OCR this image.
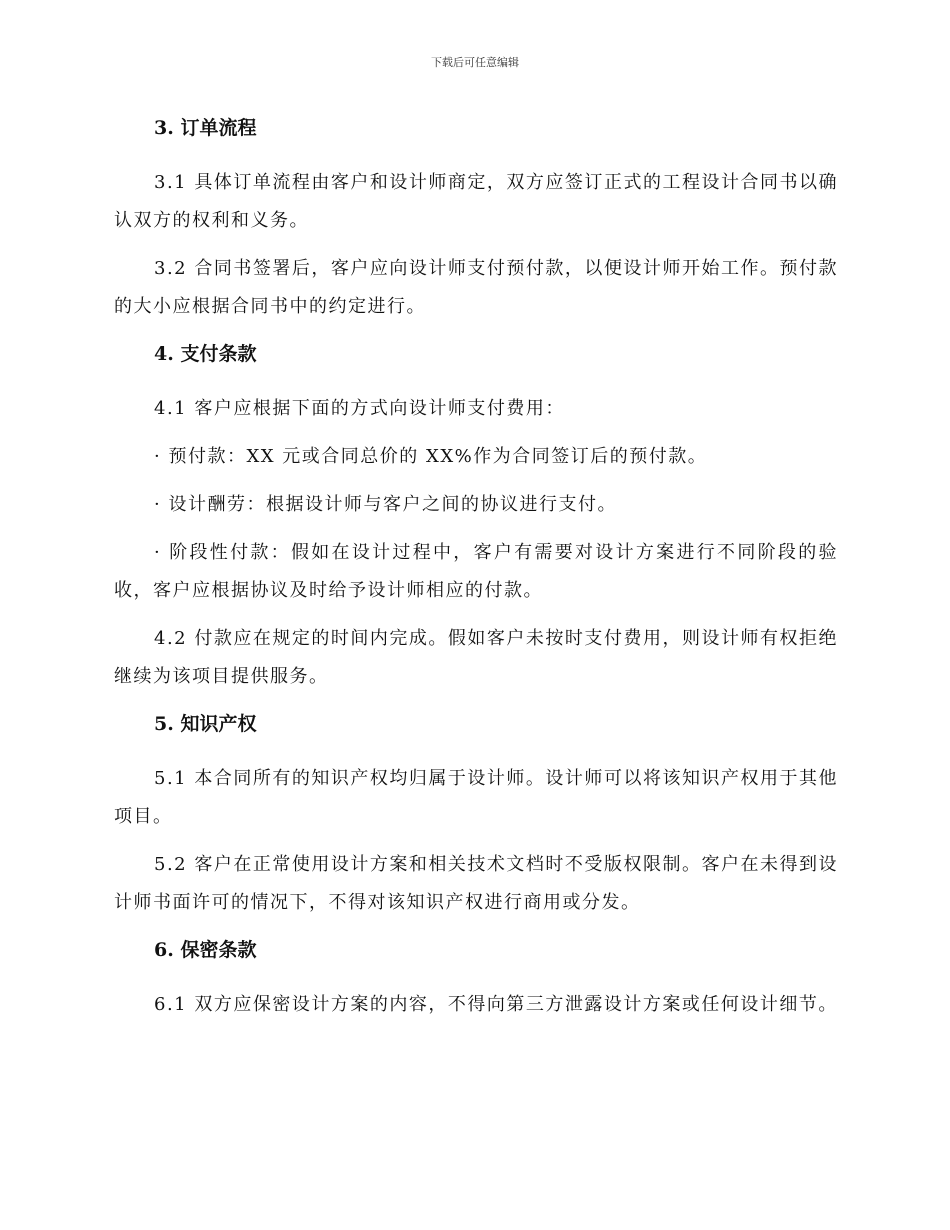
下载后可任意编辑
3. 订单流程

3.1 具体订单流程由客户和设计师商定，双方应签订正式的工程设计合同书以确认双方的权利和义务。

3.2 合同书签署后，客户应向设计师支付预付款，以便设计师开始工作。预付款的大小应根据合同书中的约定进行。

4. 支付条款

4.1 客户应根据下面的方式向设计师支付费用：

· 预付款：XX 元或合同总价的 XX%作为合同签订后的预付款。

· 设计酬劳：根据设计师与客户之间的协议进行支付。

· 阶段性付款：假如在设计过程中，客户有需要对设计方案进行不同阶段的验收，客户应根据协议及时给予设计师相应的付款。

4.2 付款应在规定的时间内完成。假如客户未按时支付费用，则设计师有权拒绝继续为该项目提供服务。

5. 知识产权

5.1 本合同所有的知识产权均归属于设计师。设计师可以将该知识产权用于其他项目。

5.2 客户在正常使用设计方案和相关技术文档时不受版权限制。客户在未得到设计师书面许可的情况下，不得对该知识产权进行商用或分发。

6. 保密条款

6.1 双方应保密设计方案的内容，不得向第三方泄露设计方案或任何设计细节。
